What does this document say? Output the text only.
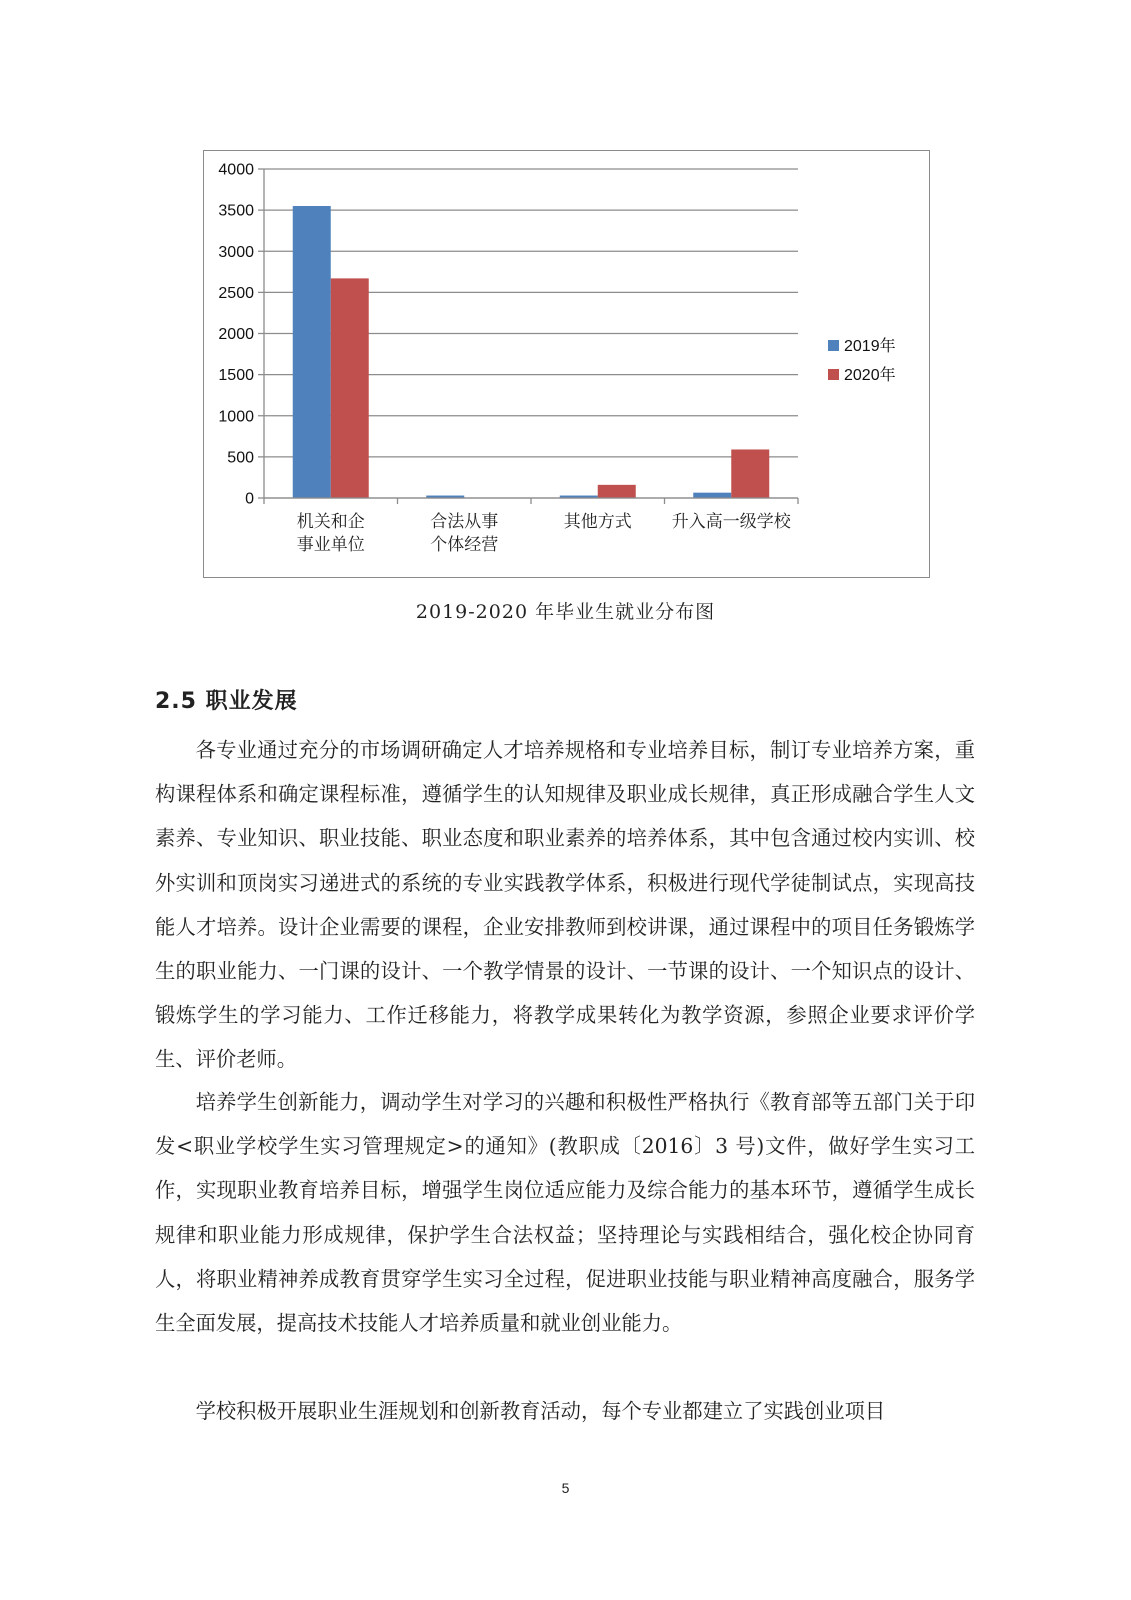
0
500
1000
1500
2000
2500
3000
3500
4000
机关和企
事业单位
合法从事
个体经营
其他方式 升入高一级学校
2019年
2020年
2019-2020 年毕业生就业分布图
2.5 职业发展

各专业通过充分的市场调研确定人才培养规格和专业培养目标，制订专业培养方案，重构课程体系和确定课程标准，遵循学生的认知规律及职业成长规律，真正形成融合学生人文素养、专业知识、职业技能、职业态度和职业素养的培养体系，其中包含通过校内实训、校外实训和顶岗实习递进式的系统的专业实践教学体系，积极进行现代学徒制试点，实现高技能人才培养。设计企业需要的课程，企业安排教师到校讲课，通过课程中的项目任务锻炼学生的职业能力、一门课的设计、一个教学情景的设计、一节课的设计、一个知识点的设计、锻炼学生的学习能力、工作迁移能力，将教学成果转化为教学资源，参照企业要求评价学生、评价老师。

培养学生创新能力，调动学生对学习的兴趣和积极性严格执行《教育部等五部门关于印发<职业学校学生实习管理规定>的通知》(教职成〔2016〕3 号)文件，做好学生实习工作，实现职业教育培养目标，增强学生岗位适应能力及综合能力的基本环节，遵循学生成长规律和职业能力形成规律，保护学生合法权益；坚持理论与实践相结合，强化校企协同育人，将职业精神养成教育贯穿学生实习全过程，促进职业技能与职业精神高度融合，服务学生全面发展，提高技术技能人才培养质量和就业创业能力。

学校积极开展职业生涯规划和创新教育活动，每个专业都建立了实践创业项目

5
